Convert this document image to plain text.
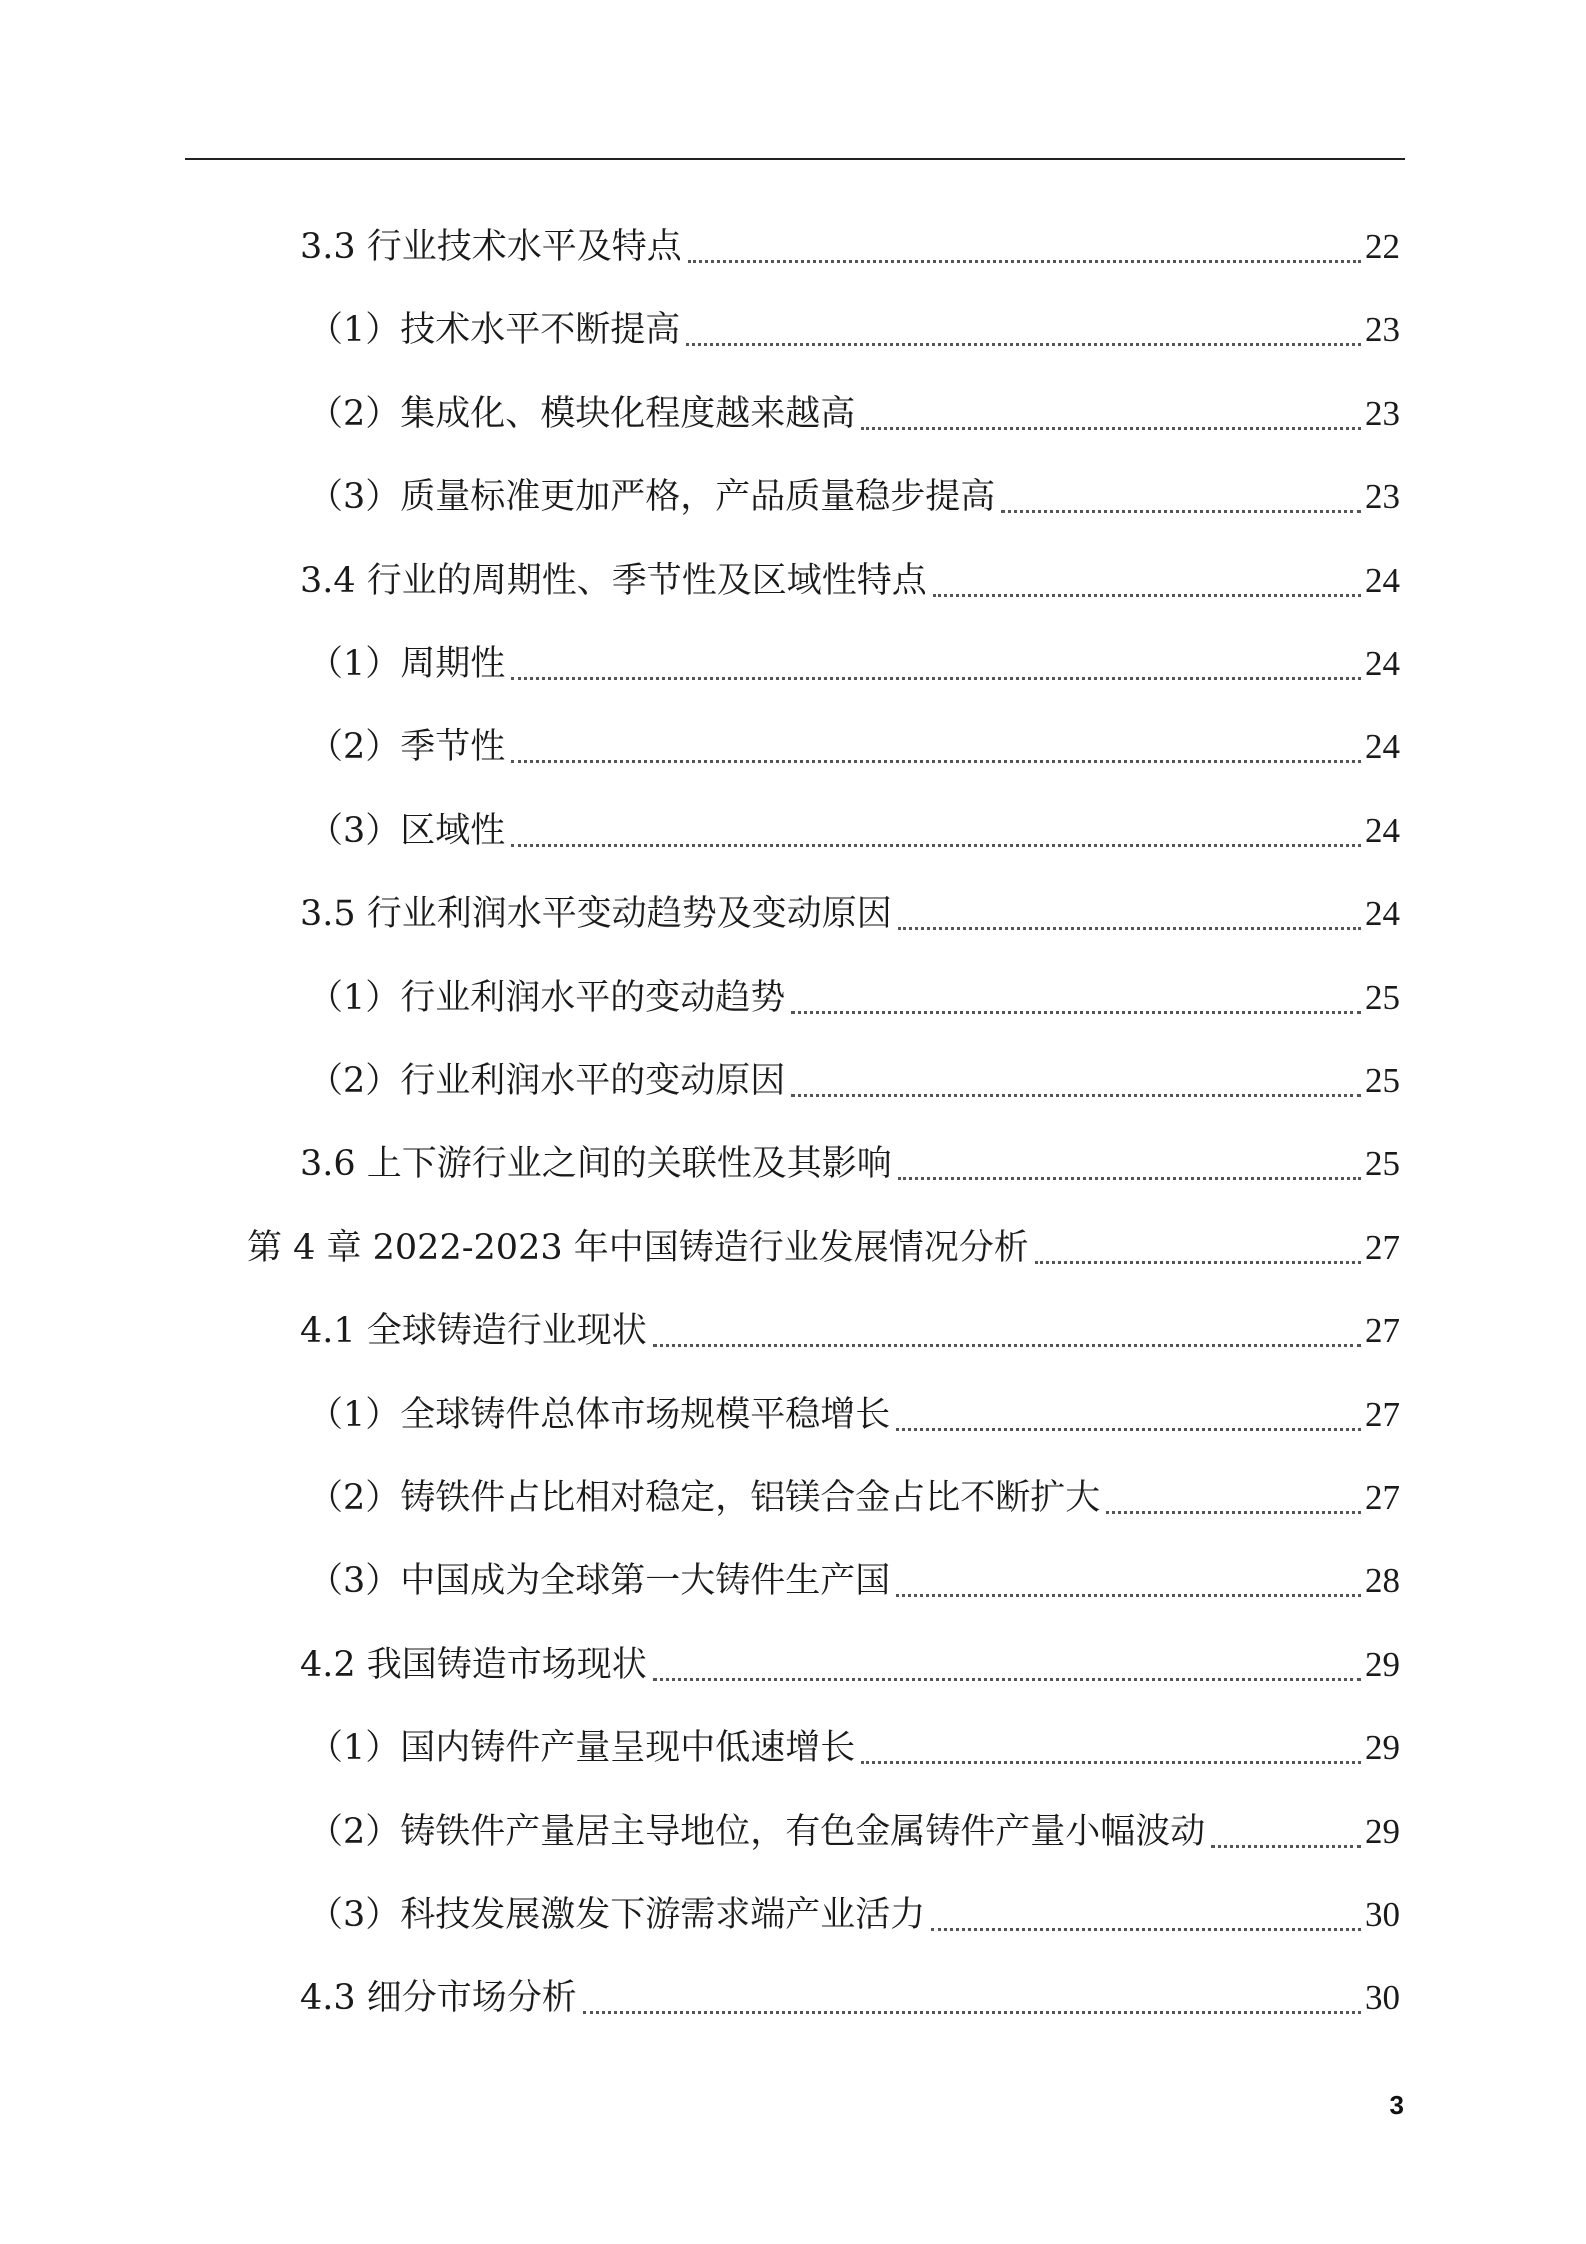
3.3 行业技术水平及特点	22
（1）技术水平不断提高	23
（2）集成化、模块化程度越来越高	23
（3）质量标准更加严格，产品质量稳步提高	23
3.4 行业的周期性、季节性及区域性特点	24
（1）周期性	24
（2）季节性	24
（3）区域性	24
3.5 行业利润水平变动趋势及变动原因	24
（1）行业利润水平的变动趋势	25
（2）行业利润水平的变动原因	25
3.6 上下游行业之间的关联性及其影响	25
第 4 章 2022-2023 年中国铸造行业发展情况分析	27
4.1 全球铸造行业现状	27
（1）全球铸件总体市场规模平稳增长	27
（2）铸铁件占比相对稳定，铝镁合金占比不断扩大	27
（3）中国成为全球第一大铸件生产国	28
4.2 我国铸造市场现状	29
（1）国内铸件产量呈现中低速增长	29
（2）铸铁件产量居主导地位，有色金属铸件产量小幅波动	29
（3）科技发展激发下游需求端产业活力	30
4.3 细分市场分析	30
3
